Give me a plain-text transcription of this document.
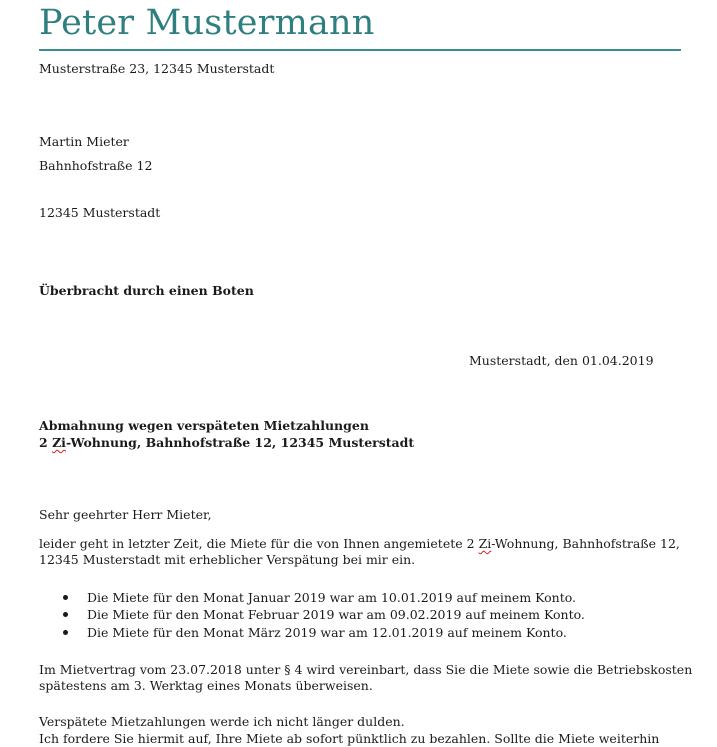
Peter Mustermann
Musterstraße 23, 12345 Musterstadt
Martin Mieter
Bahnhofstraße 12
12345 Musterstadt
Überbracht durch einen Boten
Musterstadt, den 01.04.2019
Abmahnung wegen verspäteten Mietzahlungen
2 Zi-Wohnung, Bahnhofstraße 12, 12345 Musterstadt
Sehr geehrter Herr Mieter,
leider geht in letzter Zeit, die Miete für die von Ihnen angemietete 2 Zi-Wohnung, Bahnhofstraße 12,
12345 Musterstadt mit erheblicher Verspätung bei mir ein.
Die Miete für den Monat Januar 2019 war am 10.01.2019 auf meinem Konto.
Die Miete für den Monat Februar 2019 war am 09.02.2019 auf meinem Konto.
Die Miete für den Monat März 2019 war am 12.01.2019 auf meinem Konto.
Im Mietvertrag vom 23.07.2018 unter § 4 wird vereinbart, dass Sie die Miete sowie die Betriebskosten
spätestens am 3. Werktag eines Monats überweisen.
Verspätete Mietzahlungen werde ich nicht länger dulden.
Ich fordere Sie hiermit auf, Ihre Miete ab sofort pünktlich zu bezahlen. Sollte die Miete weiterhin
